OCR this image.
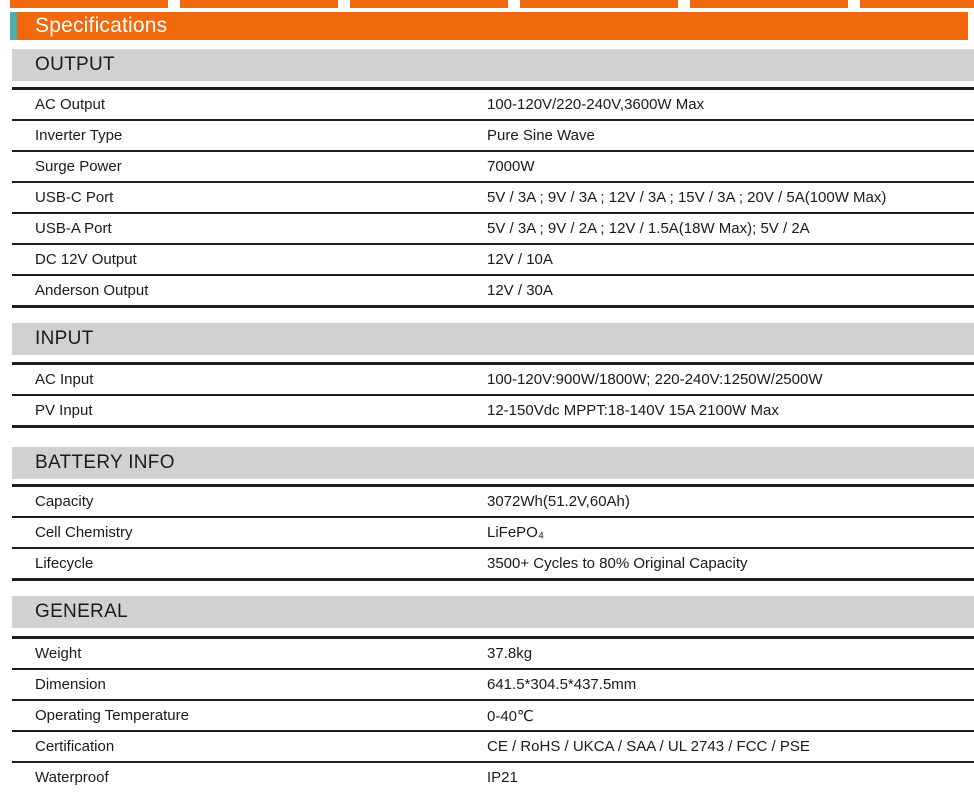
Specifications
OUTPUT
AC Output	100-120V/220-240V,3600W Max
Inverter Type	Pure Sine Wave
Surge Power	7000W
USB-C Port	5V / 3A ; 9V / 3A ; 12V / 3A ; 15V / 3A ; 20V / 5A(100W Max)
USB-A Port	5V / 3A ; 9V / 2A ; 12V / 1.5A(18W Max); 5V / 2A
DC 12V Output	12V / 10A
Anderson Output	12V / 30A
INPUT
AC Input	100-120V:900W/1800W; 220-240V:1250W/2500W
PV Input	12-150Vdc MPPT:18-140V 15A 2100W Max
BATTERY INFO
Capacity	3072Wh(51.2V,60Ah)
Cell Chemistry	LiFePO₄
Lifecycle	3500+ Cycles to 80% Original Capacity
GENERAL
Weight	37.8kg
Dimension	641.5*304.5*437.5mm
Operating Temperature	0-40℃
Certification	CE / RoHS / UKCA / SAA / UL 2743 / FCC / PSE
Waterproof	IP21
